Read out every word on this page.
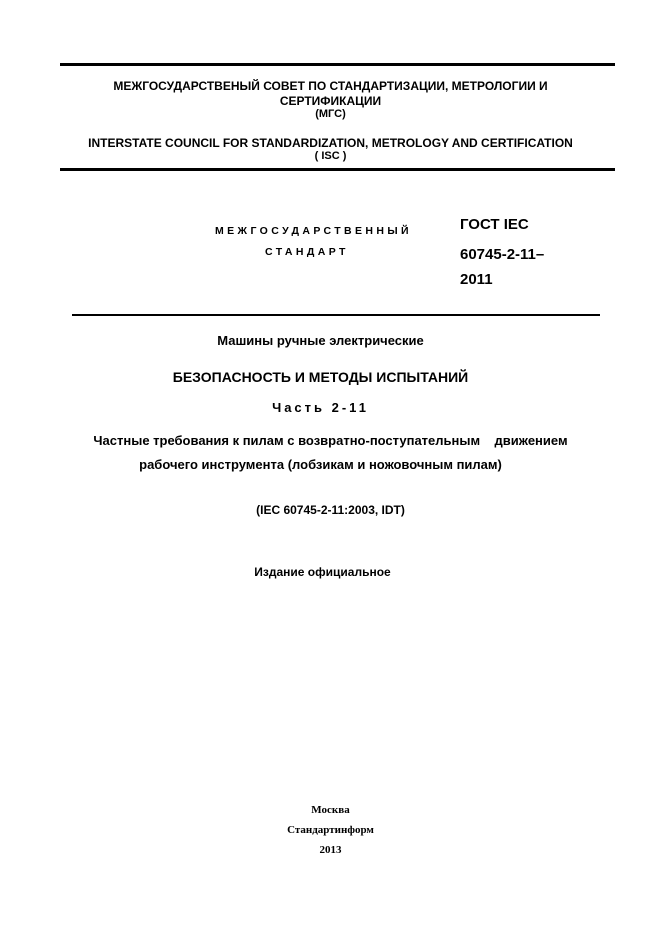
МЕЖГОСУДАРСТВЕНЫЙ СОВЕТ ПО СТАНДАРТИЗАЦИИ, МЕТРОЛОГИИ И
СЕРТИФИКАЦИИ
(МГС)
INTERSTATE COUNCIL FOR STANDARDIZATION, METROLOGY AND CERTIFICATION
( ISC )
МЕЖГОСУДАРСТВЕННЫЙ
СТАНДАРТ
ГОСТ IEC
60745-2-11–
2011
Машины ручные электрические
БЕЗОПАСНОСТЬ И МЕТОДЫ ИСПЫТАНИЙ
Часть 2-11
Частные требования к пилам с возвратно-поступательным    движением
рабочего инструмента (лобзикам и ножовочным пилам)
(IEC 60745-2-11:2003, IDT)
Издание официальное
Москва
Стандартинформ
2013
